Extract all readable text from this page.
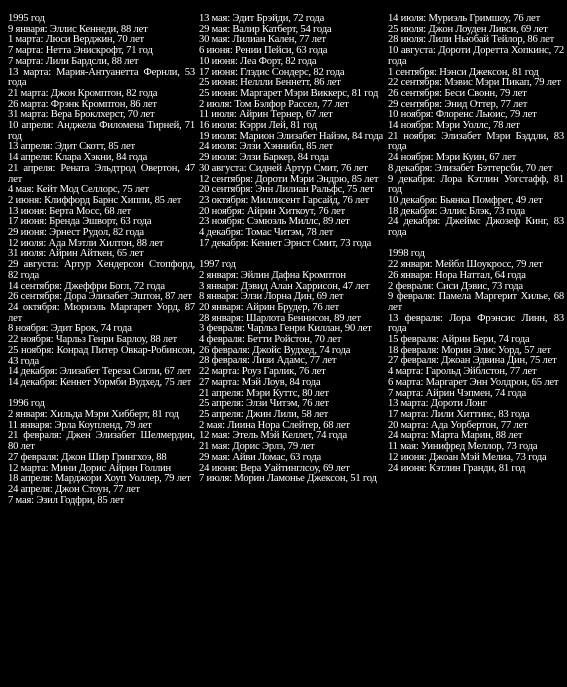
1995 год

9 января: Эллис Кеннеди, 88 лет

1 марта: Люси Верджин, 70 лет

7 марта: Нетта Энискрофт, 71 год

7 марта: Лили Бардсли, 88 лет

13 марта: Мария-Антуанетта Фернли, 53 года

21 марта: Джон Кромптон, 82 года

26 марта: Фрэнк Кромптон, 86 лет

31 марта: Вера Броклхерст, 70 лет

10 апреля: Анджела Филомена Тирней, 71 год

13 апреля: Эдит Скотт, 85 лет

14 апреля: Клара Хэкни, 84 года

21 апреля: Рената Эльдтрод Овертон, 47 лет

4 мая: Кейт Мод Селлорс, 75 лет

2 июня: Клиффорд Барнс Хиппи, 85 лет

13 июня: Берта Мосс, 68 лет

17 июня: Бренда Эшворт, 63 года

29 июня: Эрнест Рудол, 82 года

12 июля: Ада Мэтли Хилтон, 88 лет

31 июля: Айрин Айткен, 65 лет

29 августа: Артур Хендерсон Стопфорд, 82 года

14 сентября: Джеффри Богл, 72 года

26 сентября: Дора Элизабет Эштон, 87 лет

24 октября: Мюриэль Маргарет Уорд, 87 лет

8 ноября: Эдит Брок, 74 года

22 ноября: Чарльз Генри Барлоу, 88 лет

25 ноября: Конрад Питер Овкар-Робинсон, 43 года

14 декабря: Элизабет Тереза Сигли, 67 лет

14 декабря: Кеннет Уормби Вудхед, 75 лет

1996 год

2 января: Хильда Мэри Хибберт, 81 год

11 января: Эрла Коупленд, 79 лет

21 февраля: Джен Элизабет Шелмердин, 80 лет

27 февраля: Джон Шир Грингхоэ, 88

12 марта: Мини Дорис Айрин Голлин

18 апреля: Марджори Хоуп Уоллер, 79 лет

24 апреля: Джон Стоун, 77 лет

7 мая: Эзил Годфри, 85 лет

13 мая: Эдит Брэйди, 72 года

29 мая: Валир Катберт, 54 года

30 мая: Лилиан Кален, 77 лет

6 июня: Рении Пейси, 63 года

10 июня: Леа Форт, 82 года

17 июня: Глэдис Сондерс, 82 года

25 июня: Неллли Беннетт, 86 лет

25 июня: Маргарет Мэри Виккерс, 81 год

2 июля: Том Бэлфор Рассел, 77 лет

11 июля: Айрин Тернер, 67 лет

16 июля: Кэрри Лей, 81 год

19 июля: Марион Элизабет Найэм, 84 года

24 июля: Элзи Хэннибл, 85 лет

29 июля: Элзи Баркер, 84 года

30 августа: Сидней Артур Смит, 76 лет

12 сентября: Дороти Мэри Эндрю, 85 лет

20 сентября: Энн Лилиан Ральфс, 75 лет

23 октября: Миллисент Гарсайд, 76 лет

20 ноября: Айрин Хиткоут, 76 лет

23 ноября: Сэмюэль Миллс, 89 лет

4 декабря: Томас Читэм, 78 лет

17 декабря: Кеннет Эрнст Смит, 73 года

1997 год

2 января: Эйлин Дафна Кромптон

3 января: Дэвид Алан Харрисон, 47 лет

8 января: Элзи Лорна Дин, 69 лет

20 января: Айрин Брудер, 76 лет

28 января: Шарлота Беннисон, 89 лет

3 февраля: Чарльз Генри Киллан, 90 лет

4 февраля: Бетти Ройстон, 70 лет

26 февраля: Джойс Вудхед, 74 года

28 февраля: Лизи Адамс, 77 лет

22 марта: Роуз Гарлик, 76 лет

27 марта: Мэй Лоув, 84 года

21 апреля: Мэри Куттс, 80 лет

25 апреля: Элзи Читэм, 76 лет

25 апреля: Джин Лили, 58 лет

2 мая: Лиина Нора Слейтер, 68 лет

12 мая: Этель Мэй Келлет, 74 года

21 мая: Дорис Эрлз, 79 лет

29 мая: Айви Ломас, 63 года

24 июня: Вера Уайтинглсоу, 69 лет

7 июля: Морин Ламонье Джексон, 51 год

14 июля: Муриэль Гримшоу, 76 лет

25 июля: Джон Лоуден Ливси, 69 лет

28 июля: Лили Ньюбай Тейлор, 86 лет

10 августа: Дороти Доретта Хопкинс, 72 года

1 сентября: Нэнси Джексон, 81 год

22 сентября: Мэвис Мэри Пикап, 79 лет

26 сентября: Беси Свонн, 79 лет

29 сентября: Энид Оттер, 77 лет

10 ноября: Флоренс Льюис, 79 лет

14 ноября: Мэри Уоллс, 78 лет

21 ноября: Элизабет Мэри Бэддли, 83 года

24 ноября: Мэри Куин, 67 лет

8 декабря: Элизабет Бэттерсби, 70 лет

9 декабря: Лора Кэтлин Уогстафф, 81 год

10 декабря: Бьянка Помфрет, 49 лет

18 декабря: Эллис Блэк, 73 года

24 декабря: Джеймс Джозеф Кинг, 83 года

1998 год

22 января: Мейбл Шоукросс, 79 лет

26 января: Нора Наттал, 64 года

2 февраля: Сиси Дэвис, 73 года

9 февраля: Памела Маргерит Хилье, 68 лет

13 февраля: Лора Фрэнсис Линн, 83 года

15 февраля: Айрин Бери, 74 года

18 февраля: Морин Элис Уорд, 57 лет

27 февраля: Джоан Эдвина Дин, 75 лет

4 марта: Гарольд Эйблстон, 77 лет

6 марта: Маргарет Энн Уолдрон, 65 лет

7 марта: Айрин Чэпмен, 74 года

13 марта: Дороти Лонг

17 марта: Лили Хиттинс, 83 года

20 марта: Ада Уорбертон, 77 лет

24 марта: Марта Марин, 88 лет

11 мая: Уинифред Меллор, 73 года

12 июня: Джоан Мэй Мелиа, 73 года

24 июня: Кэтлин Гранди, 81 год
